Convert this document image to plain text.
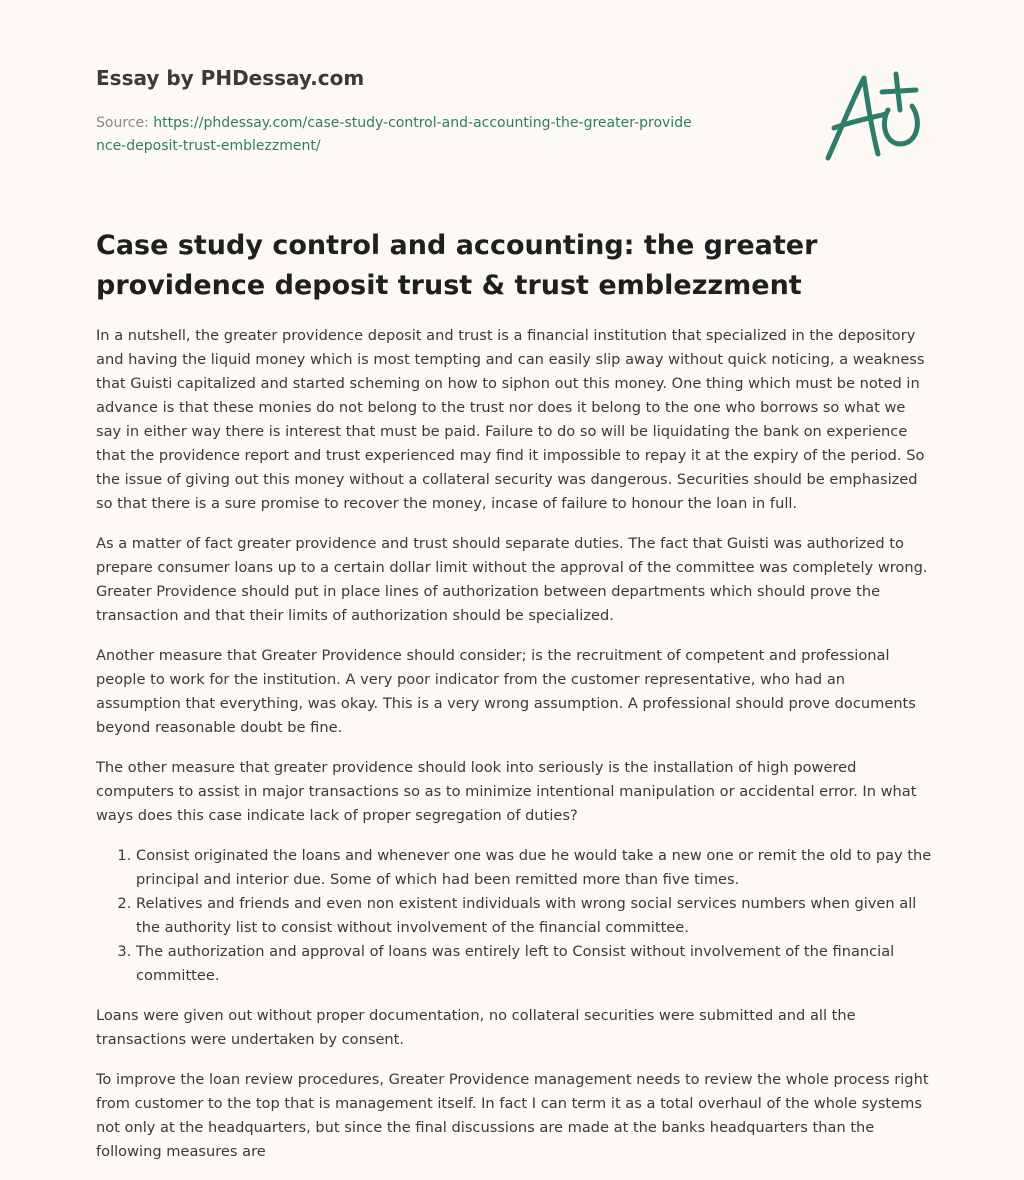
Essay by PHDessay.com
Source: https://phdessay.com/case-study-control-and-accounting-the-greater-providence-deposit-trust-emblezzment/
Case study control and accounting: the greater providence deposit trust & trust emblezzment

In a nutshell, the greater providence deposit and trust is a financial institution that specialized in the depository and having the liquid money which is most tempting and can easily slip away without quick noticing, a weakness that Guisti capitalized and started scheming on how to siphon out this money. One thing which must be noted in advance is that these monies do not belong to the trust nor does it belong to the one who borrows so what we say in either way there is interest that must be paid. Failure to do so will be liquidating the bank on experience that the providence report and trust experienced may find it impossible to repay it at the expiry of the period. So the issue of giving out this money without a collateral security was dangerous. Securities should be emphasized so that there is a sure promise to recover the money, incase of failure to honour the loan in full.

As a matter of fact greater providence and trust should separate duties. The fact that Guisti was authorized to prepare consumer loans up to a certain dollar limit without the approval of the committee was completely wrong. Greater Providence should put in place lines of authorization between departments which should prove the transaction and that their limits of authorization should be specialized.

Another measure that Greater Providence should consider; is the recruitment of competent and professional people to work for the institution. A very poor indicator from the customer representative, who had an assumption that everything, was okay. This is a very wrong assumption. A professional should prove documents beyond reasonable doubt be fine.

The other measure that greater providence should look into seriously is the installation of high powered computers to assist in major transactions so as to minimize intentional manipulation or accidental error. In what ways does this case indicate lack of proper segregation of duties?

1. Consist originated the loans and whenever one was due he would take a new one or remit the old to pay the principal and interior due. Some of which had been remitted more than five times.
2. Relatives and friends and even non existent individuals with wrong social services numbers when given all the authority list to consist without involvement of the financial committee.
3. The authorization and approval of loans was entirely left to Consist without involvement of the financial committee.

Loans were given out without proper documentation, no collateral securities were submitted and all the transactions were undertaken by consent.

To improve the loan review procedures, Greater Providence management needs to review the whole process right from customer to the top that is management itself. In fact I can term it as a total overhaul of the whole systems not only at the headquarters, but since the final discussions are made at the banks headquarters than the following measures are
